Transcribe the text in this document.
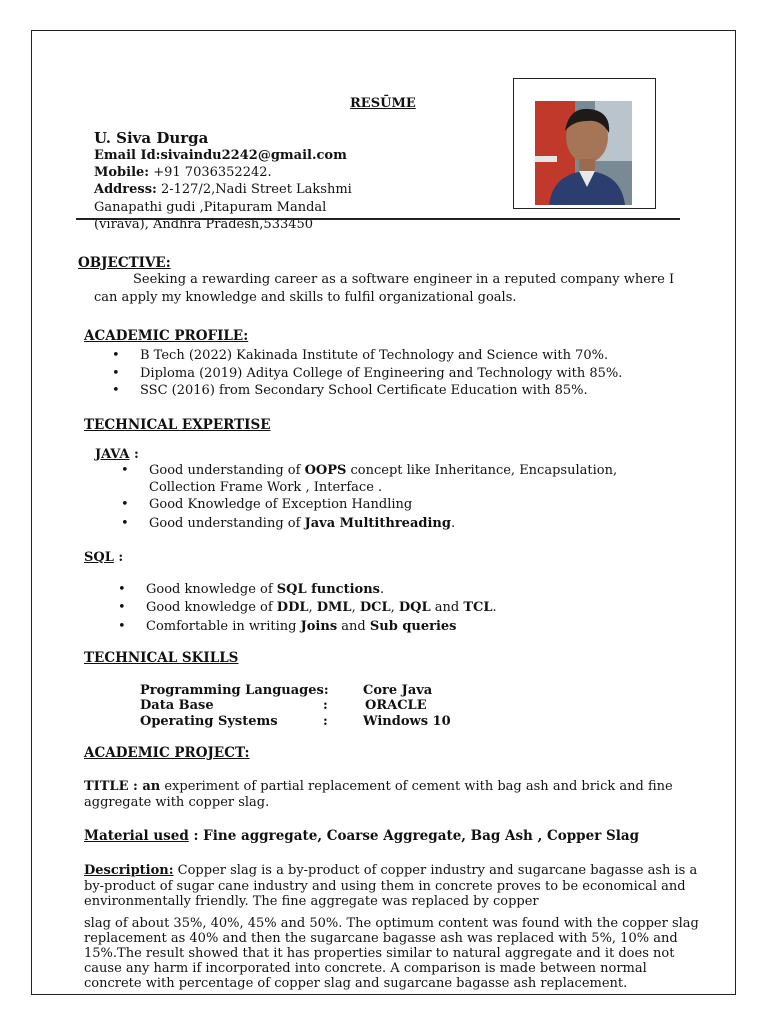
RESŪME
U. Siva Durga
Email Id:sivaindu2242@gmail.com
Mobile: +91 7036352242.
Address: 2-127/2,Nadi Street Lakshmi
Ganapathi gudi ,Pitapuram Mandal
(virava), Andhra Pradesh,533450
OBJECTIVE:
Seeking a rewarding career as a software engineer in a reputed company where I
can apply my knowledge and skills to fulfil organizational goals.
ACADEMIC PROFILE:
• B Tech (2022) Kakinada Institute of Technology and Science with 70%.
• Diploma (2019) Aditya College of Engineering and Technology with 85%.
• SSC (2016) from Secondary School Certificate Education with 85%.
TECHNICAL EXPERTISE
JAVA :
• Good understanding of OOPS concept like Inheritance, Encapsulation,
Collection Frame Work , Interface .
• Good Knowledge of Exception Handling
• Good understanding of Java Multithreading.
SQL :
• Good knowledge of SQL functions.
• Good knowledge of DDL, DML, DCL, DQL and TCL.
• Comfortable in writing Joins and Sub queries
TECHNICAL SKILLS
Programming Languages:	Core Java
Data Base	:	ORACLE
Operating Systems	:	Windows 10
ACADEMIC PROJECT:
TITLE : an experiment of partial replacement of cement with bag ash and brick and fine
aggregate with copper slag.
Material used : Fine aggregate, Coarse Aggregate, Bag Ash , Copper Slag
Description: Copper slag is a by-product of copper industry and sugarcane bagasse ash is a
by-product of sugar cane industry and using them in concrete proves to be economical and
environmentally friendly. The fine aggregate was replaced by copper
slag of about 35%, 40%, 45% and 50%. The optimum content was found with the copper slag
replacement as 40% and then the sugarcane bagasse ash was replaced with 5%, 10% and
15%.The result showed that it has properties similar to natural aggregate and it does not
cause any harm if incorporated into concrete. A comparison is made between normal
concrete with percentage of copper slag and sugarcane bagasse ash replacement.
